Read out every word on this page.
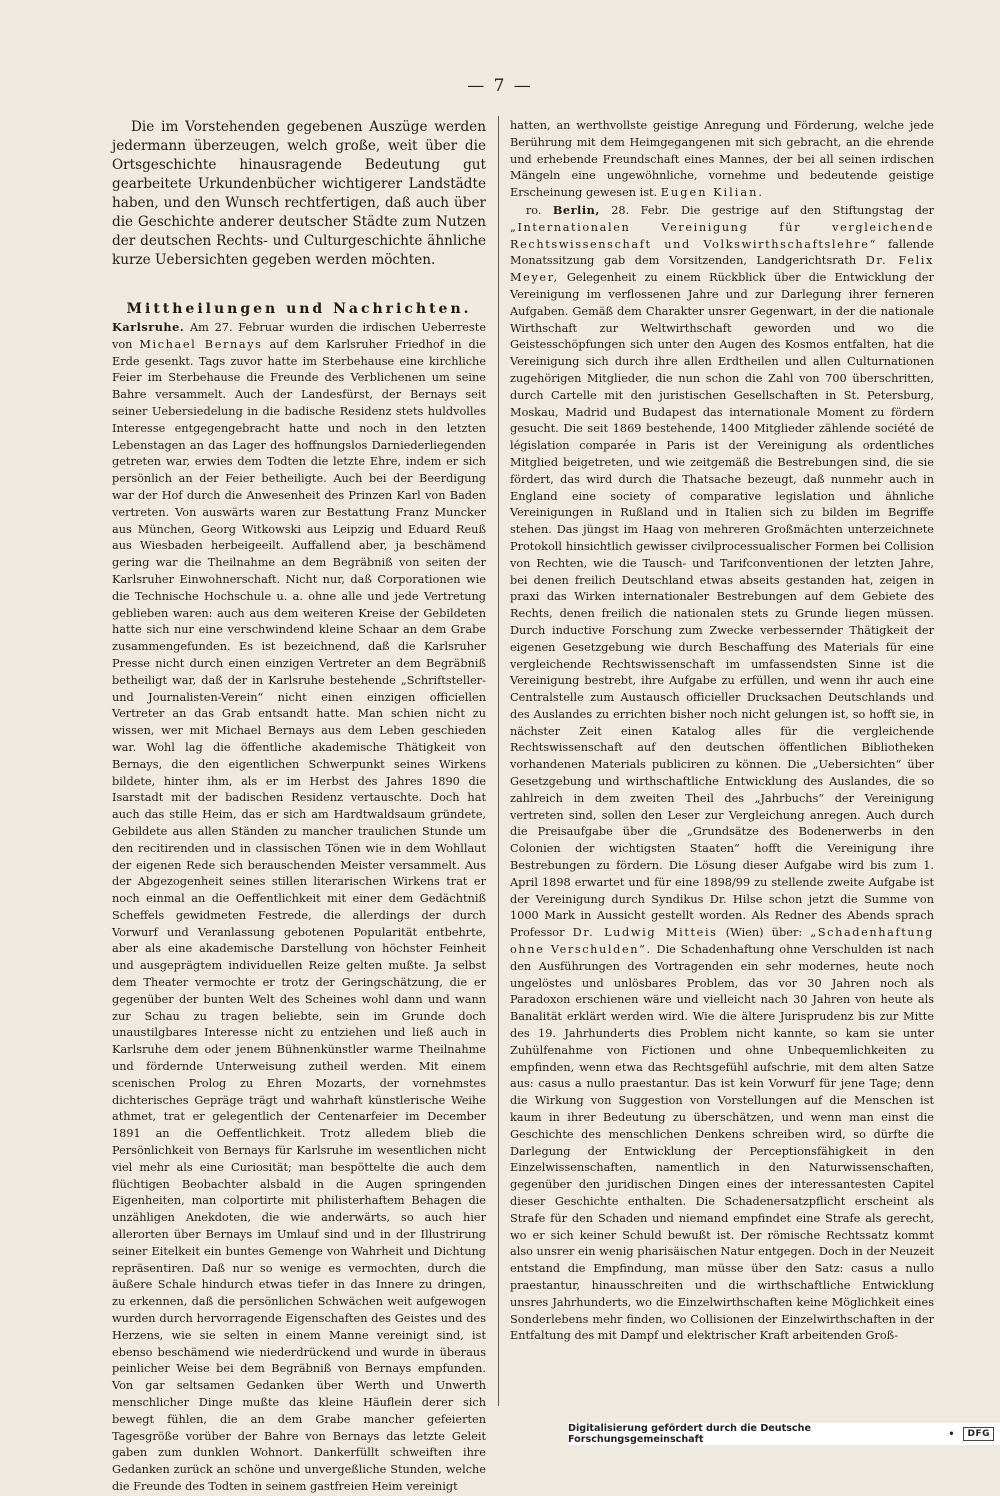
— 7 —

Die im Vorstehenden gegebenen Auszüge werden jedermann überzeugen, welch große, weit über die Ortsgeschichte hinausragende Bedeutung gut gearbeitete Urkundenbücher wichtigerer Landstädte haben, und den Wunsch rechtfertigen, daß auch über die Geschichte anderer deutscher Städte zum Nutzen der deutschen Rechts- und Culturgeschichte ähnliche kurze Uebersichten gegeben werden möchten.

Mittheilungen und Nachrichten.

Karlsruhe. Am 27. Februar wurden die irdischen Ueberreste von Michael Bernays auf dem Karlsruher Friedhof in die Erde gesenkt. Tags zuvor hatte im Sterbehause eine kirchliche Feier im Sterbehause die Freunde des Verblichenen um seine Bahre versammelt. Auch der Landesfürst, der Bernays seit seiner Uebersiedelung in die badische Residenz stets huldvolles Interesse entgegengebracht hatte und noch in den letzten Lebenstagen an das Lager des hoffnungslos Darniederliegenden getreten war, erwies dem Todten die letzte Ehre, indem er sich persönlich an der Feier betheiligte. Auch bei der Beerdigung war der Hof durch die Anwesenheit des Prinzen Karl von Baden vertreten. Von auswärts waren zur Bestattung Franz Muncker aus München, Georg Witkowski aus Leipzig und Eduard Reuß aus Wiesbaden herbeigeeilt. Auffallend aber, ja beschämend gering war die Theilnahme an dem Begräbniß von seiten der Karlsruher Einwohnerschaft. Nicht nur, daß Corporationen wie die Technische Hochschule u. a. ohne alle und jede Vertretung geblieben waren: auch aus dem weiteren Kreise der Gebildeten hatte sich nur eine verschwindend kleine Schaar an dem Grabe zusammengefunden. Es ist bezeichnend, daß die Karlsruher Presse nicht durch einen einzigen Vertreter an dem Begräbniß betheiligt war, daß der in Karlsruhe bestehende „Schriftsteller- und Journalisten-Verein“ nicht einen einzigen officiellen Vertreter an das Grab entsandt hatte. Man schien nicht zu wissen, wer mit Michael Bernays aus dem Leben geschieden war. Wohl lag die öffentliche akademische Thätigkeit von Bernays, die den eigentlichen Schwerpunkt seines Wirkens bildete, hinter ihm, als er im Herbst des Jahres 1890 die Isarstadt mit der badischen Residenz vertauschte. Doch hat auch das stille Heim, das er sich am Hardtwaldsaum gründete, Gebildete aus allen Ständen zu mancher traulichen Stunde um den recitirenden und in classischen Tönen wie in dem Wohllaut der eigenen Rede sich berauschenden Meister versammelt. Aus der Abgezogenheit seines stillen literarischen Wirkens trat er noch einmal an die Oeffentlichkeit mit einer dem Gedächtniß Scheffels gewidmeten Festrede, die allerdings der durch Vorwurf und Veranlassung gebotenen Popularität entbehrte, aber als eine akademische Darstellung von höchster Feinheit und ausgeprägtem individuellen Reize gelten mußte. Ja selbst dem Theater vermochte er trotz der Geringschätzung, die er gegenüber der bunten Welt des Scheines wohl dann und wann zur Schau zu tragen beliebte, sein im Grunde doch unaustilgbares Interesse nicht zu entziehen und ließ auch in Karlsruhe dem oder jenem Bühnenkünstler warme Theilnahme und fördernde Unterweisung zutheil werden. Mit einem scenischen Prolog zu Ehren Mozarts, der vornehmstes dichterisches Gepräge trägt und wahrhaft künstlerische Weihe athmet, trat er gelegentlich der Centenarfeier im December 1891 an die Oeffentlichkeit. Trotz alledem blieb die Persönlichkeit von Bernays für Karlsruhe im wesentlichen nicht viel mehr als eine Curiosität; man bespöttelte die auch dem flüchtigen Beobachter alsbald in die Augen springenden Eigenheiten, man colportirte mit philisterhaftem Behagen die unzähligen Anekdoten, die wie anderwärts, so auch hier allerorten über Bernays im Umlauf sind und in der Illustrirung seiner Eitelkeit ein buntes Gemenge von Wahrheit und Dichtung repräsentiren. Daß nur so wenige es vermochten, durch die äußere Schale hindurch etwas tiefer in das Innere zu dringen, zu erkennen, daß die persönlichen Schwächen weit aufgewogen wurden durch hervorragende Eigenschaften des Geistes und des Herzens, wie sie selten in einem Manne vereinigt sind, ist ebenso beschämend wie niederdrückend und wurde in überaus peinlicher Weise bei dem Begräbniß von Bernays empfunden. Von gar seltsamen Gedanken über Werth und Unwerth menschlicher Dinge mußte das kleine Häuflein derer sich bewegt fühlen, die an dem Grabe mancher gefeierten Tagesgröße vorüber der Bahre von Bernays das letzte Geleit gaben zum dunklen Wohnort. Dankerfüllt schweiften ihre Gedanken zurück an schöne und unvergeßliche Stunden, welche die Freunde des Todten in seinem gastfreien Heim vereinigt

hatten, an werthvollste geistige Anregung und Förderung, welche jede Berührung mit dem Heimgegangenen mit sich gebracht, an die ehrende und erhebende Freundschaft eines Mannes, der bei all seinen irdischen Mängeln eine ungewöhnliche, vornehme und bedeutende geistige Erscheinung gewesen ist. Eugen Kilian.

ro. Berlin, 28. Febr. Die gestrige auf den Stiftungstag der „Internationalen Vereinigung für vergleichende Rechtswissenschaft und Volkswirthschaftslehre“ fallende Monatssitzung gab dem Vorsitzenden, Landgerichtsrath Dr. Felix Meyer, Gelegenheit zu einem Rückblick über die Entwicklung der Vereinigung im verflossenen Jahre und zur Darlegung ihrer ferneren Aufgaben. Gemäß dem Charakter unsrer Gegenwart, in der die nationale Wirthschaft zur Weltwirthschaft geworden und wo die Geistesschöpfungen sich unter den Augen des Kosmos entfalten, hat die Vereinigung sich durch ihre allen Erdtheilen und allen Culturnationen zugehörigen Mitglieder, die nun schon die Zahl von 700 überschritten, durch Cartelle mit den juristischen Gesellschaften in St. Petersburg, Moskau, Madrid und Budapest das internationale Moment zu fördern gesucht. Die seit 1869 bestehende, 1400 Mitglieder zählende société de législation comparée in Paris ist der Vereinigung als ordentliches Mitglied beigetreten, und wie zeitgemäß die Bestrebungen sind, die sie fördert, das wird durch die Thatsache bezeugt, daß nunmehr auch in England eine society of comparative legislation und ähnliche Vereinigungen in Rußland und in Italien sich zu bilden im Begriffe stehen. Das jüngst im Haag von mehreren Großmächten unterzeichnete Protokoll hinsichtlich gewisser civilprocessualischer Formen bei Collision von Rechten, wie die Tausch- und Tarifconventionen der letzten Jahre, bei denen freilich Deutschland etwas abseits gestanden hat, zeigen in praxi das Wirken internationaler Bestrebungen auf dem Gebiete des Rechts, denen freilich die nationalen stets zu Grunde liegen müssen. Durch inductive Forschung zum Zwecke verbessernder Thätigkeit der eigenen Gesetzgebung wie durch Beschaffung des Materials für eine vergleichende Rechtswissenschaft im umfassendsten Sinne ist die Vereinigung bestrebt, ihre Aufgabe zu erfüllen, und wenn ihr auch eine Centralstelle zum Austausch officieller Drucksachen Deutschlands und des Auslandes zu errichten bisher noch nicht gelungen ist, so hofft sie, in nächster Zeit einen Katalog alles für die vergleichende Rechtswissenschaft auf den deutschen öffentlichen Bibliotheken vorhandenen Materials publiciren zu können. Die „Uebersichten“ über Gesetzgebung und wirthschaftliche Entwicklung des Auslandes, die so zahlreich in dem zweiten Theil des „Jahrbuchs“ der Vereinigung vertreten sind, sollen den Leser zur Vergleichung anregen. Auch durch die Preisaufgabe über die „Grundsätze des Bodenerwerbs in den Colonien der wichtigsten Staaten“ hofft die Vereinigung ihre Bestrebungen zu fördern. Die Lösung dieser Aufgabe wird bis zum 1. April 1898 erwartet und für eine 1898/99 zu stellende zweite Aufgabe ist der Vereinigung durch Syndikus Dr. Hilse schon jetzt die Summe von 1000 Mark in Aussicht gestellt worden. Als Redner des Abends sprach Professor Dr. Ludwig Mitteis (Wien) über: „Schadenhaftung ohne Verschulden“. Die Schadenhaftung ohne Verschulden ist nach den Ausführungen des Vortragenden ein sehr modernes, heute noch ungelöstes und unlösbares Problem, das vor 30 Jahren noch als Paradoxon erschienen wäre und vielleicht nach 30 Jahren von heute als Banalität erklärt werden wird. Wie die ältere Jurisprudenz bis zur Mitte des 19. Jahrhunderts dies Problem nicht kannte, so kam sie unter Zuhülfenahme von Fictionen und ohne Unbequemlichkeiten zu empfinden, wenn etwa das Rechtsgefühl aufschrie, mit dem alten Satze aus: casus a nullo praestantur. Das ist kein Vorwurf für jene Tage; denn die Wirkung von Suggestion von Vorstellungen auf die Menschen ist kaum in ihrer Bedeutung zu überschätzen, und wenn man einst die Geschichte des menschlichen Denkens schreiben wird, so dürfte die Darlegung der Entwicklung der Perceptionsfähigkeit in den Einzelwissenschaften, namentlich in den Naturwissenschaften, gegenüber den juridischen Dingen eines der interessantesten Capitel dieser Geschichte enthalten. Die Schadenersatzpflicht erscheint als Strafe für den Schaden und niemand empfindet eine Strafe als gerecht, wo er sich keiner Schuld bewußt ist. Der römische Rechtssatz kommt also unsrer ein wenig pharisäischen Natur entgegen. Doch in der Neuzeit entstand die Empfindung, man müsse über den Satz: casus a nullo praestantur, hinausschreiten und die wirthschaftliche Entwicklung unsres Jahrhunderts, wo die Einzelwirthschaften keine Möglichkeit eines Sonderlebens mehr finden, wo Collisionen der Einzelwirthschaften in der Entfaltung des mit Dampf und elektrischer Kraft arbeitenden Groß-

Digitalisierung gefördert durch die Deutsche Forschungsgemeinschaft	•	DFG
